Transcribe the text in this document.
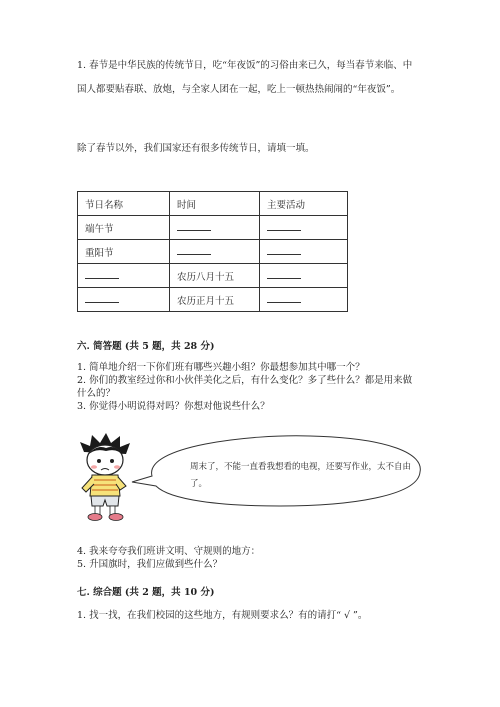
1. 春节是中华民族的传统节日，吃“年夜饭”的习俗由来已久，每当春节来临、中国人都要贴春联、放炮，与全家人团在一起，吃上一顿热热闹闹的“年夜饭”。

除了春节以外，我们国家还有很多传统节日，请填一填。

节日名称	时间	主要活动
端午节		
重阳节		
	农历八月十五	
	农历正月十五	
六. 简答题 (共 5 题，共 28 分)
1. 简单地介绍一下你们班有哪些兴趣小组？你最想参加其中哪一个？
2. 你们的教室经过你和小伙伴美化之后，有什么变化？多了些什么？都是用来做什么的？
3. 你觉得小明说得对吗？你想对他说些什么？
周末了，不能一直看我想看的电视，还要写作业，太不自由了。
4. 我来夸夸我们班讲文明、守规则的地方：
5. 升国旗时，我们应做到些什么？
七. 综合题 (共 2 题，共 10 分)
1. 找一找，在我们校园的这些地方，有规则要求么？有的请打“ √ ”。
